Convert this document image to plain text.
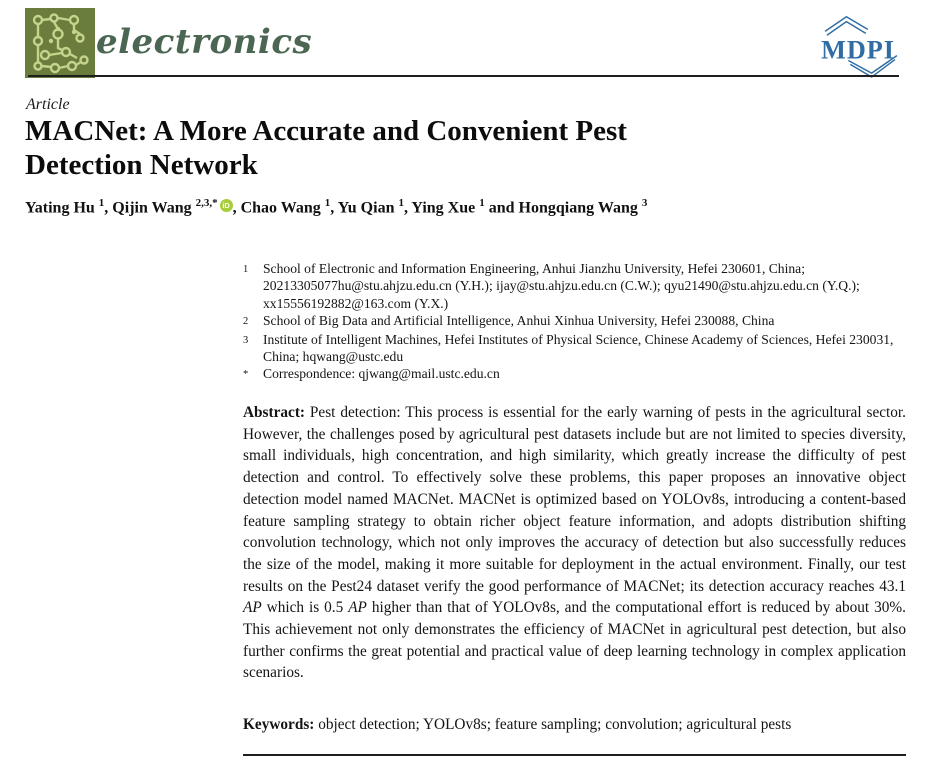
electronics	MDPI
Article
MACNet: A More Accurate and Convenient Pest
Detection Network
Yating Hu $^1$, Qijin Wang $^{2,3,*}$ iD , Chao Wang $^1$, Yu Qian $^1$, Ying Xue $^1$ and Hongqiang Wang $^3$
1	School of Electronic and Information Engineering, Anhui Jianzhu University, Hefei 230601, China; 20213305077hu@stu.ahjzu.edu.cn (Y.H.); ijay@stu.ahjzu.edu.cn (C.W.); qyu21490@stu.ahjzu.edu.cn (Y.Q.); xx15556192882@163.com (Y.X.)
2	School of Big Data and Artificial Intelligence, Anhui Xinhua University, Hefei 230088, China
3	Institute of Intelligent Machines, Hefei Institutes of Physical Science, Chinese Academy of Sciences, Hefei 230031, China; hqwang@ustc.edu
*	Correspondence: qjwang@mail.ustc.edu.cn

Abstract: Pest detection: This process is essential for the early warning of pests in the agricultural sector. However, the challenges posed by agricultural pest datasets include but are not limited to species diversity, small individuals, high concentration, and high similarity, which greatly increase the difficulty of pest detection and control. To effectively solve these problems, this paper proposes an innovative object detection model named MACNet. MACNet is optimized based on YOLOv8s, introducing a content-based feature sampling strategy to obtain richer object feature information, and adopts distribution shifting convolution technology, which not only improves the accuracy of detection but also successfully reduces the size of the model, making it more suitable for deployment in the actual environment. Finally, our test results on the Pest24 dataset verify the good performance of MACNet; its detection accuracy reaches 43.1 AP which is 0.5 AP higher than that of YOLOv8s, and the computational effort is reduced by about 30%. This achievement not only demonstrates the efficiency of MACNet in agricultural pest detection, but also further confirms the great potential and practical value of deep learning technology in complex application scenarios.

Keywords: object detection; YOLOv8s; feature sampling; convolution; agricultural pests
